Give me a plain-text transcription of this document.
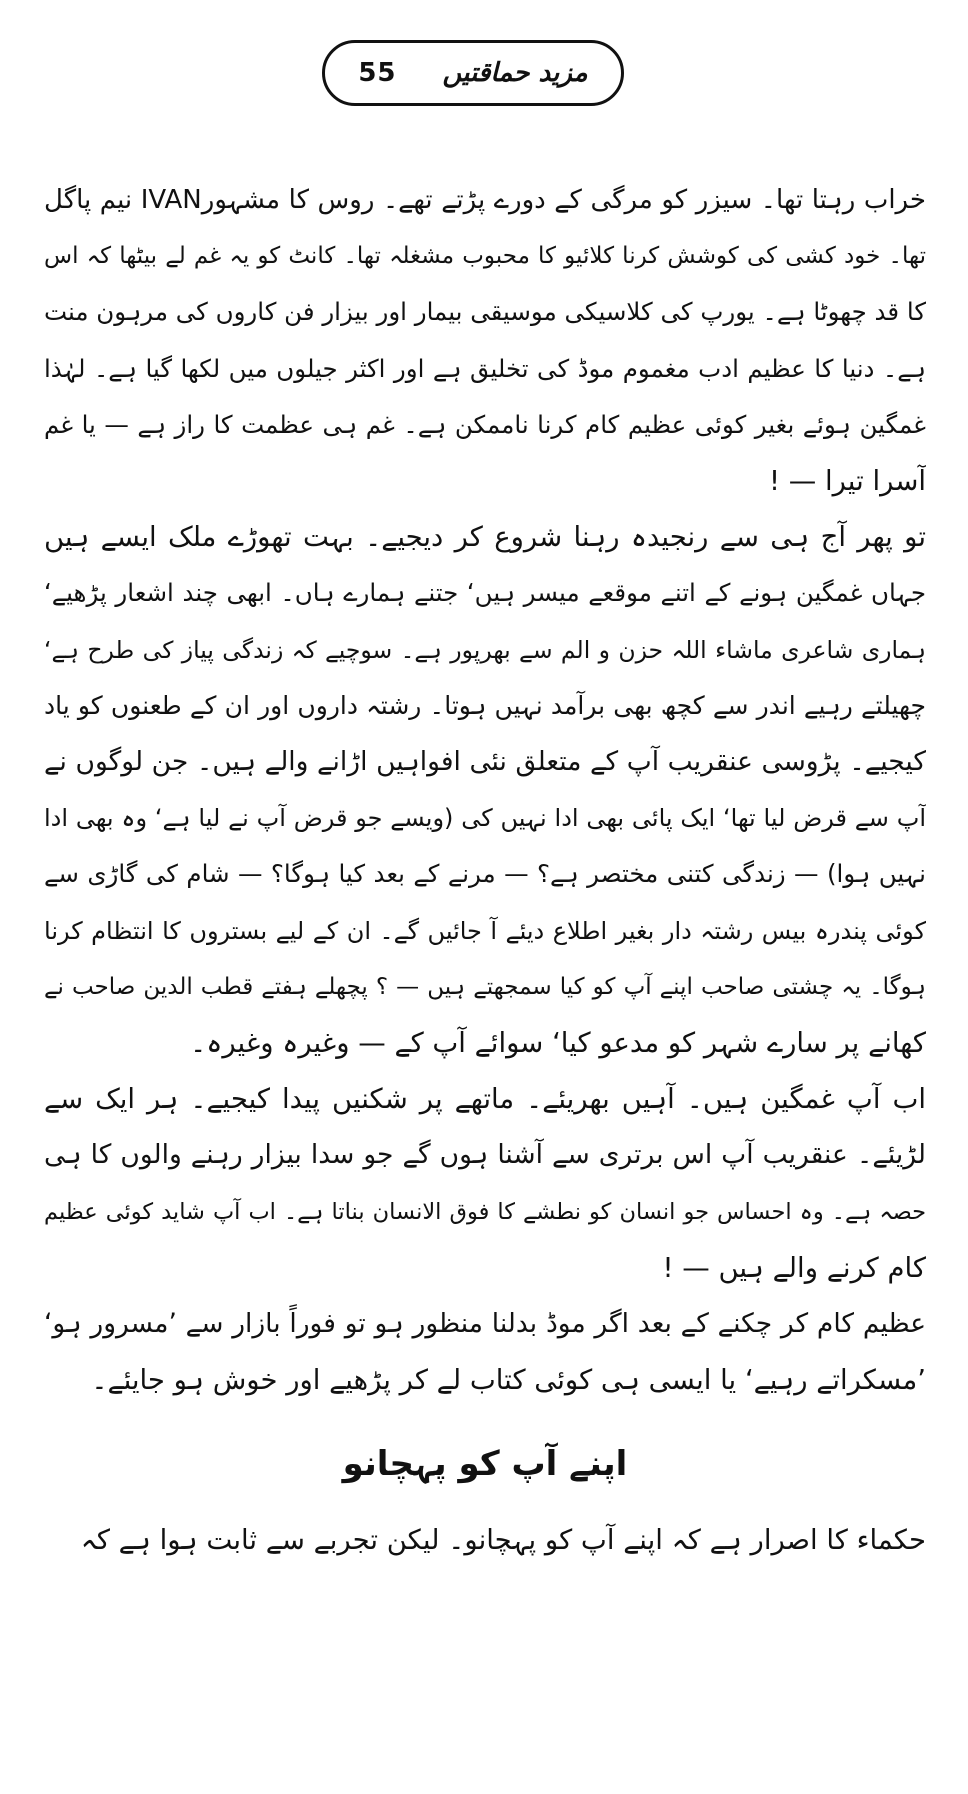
55 مزید حماقتیں

خراب رہتا تھا۔ سیزر کو مرگی کے دورے پڑتے تھے۔ روس کا مشہورIVAN نیم پاگل
تھا۔ خود کشی کی کوشش کرنا کلائیو کا محبوب مشغلہ تھا۔ کانٹ کو یہ غم لے بیٹھا کہ اس
کا قد چھوٹا ہے۔ یورپ کی کلاسیکی موسیقی بیمار اور بیزار فن کاروں کی مرہون منت
ہے۔ دنیا کا عظیم ادب مغموم موڈ کی تخلیق ہے اور اکثر جیلوں میں لکھا گیا ہے۔ لہٰذا
غمگین ہوئے بغیر کوئی عظیم کام کرنا ناممکن ہے۔ غم ہی عظمت کا راز ہے — یا غم
آسرا تیرا — !

تو پھر آج ہی سے رنجیدہ رہنا شروع کر دیجیے۔ بہت تھوڑے ملک ایسے ہیں
جہاں غمگین ہونے کے اتنے موقعے میسر ہیں‘ جتنے ہمارے ہاں۔ ابھی چند اشعار پڑھیے‘
ہماری شاعری ماشاء اللہ حزن و الم سے بھرپور ہے۔ سوچیے کہ زندگی پیاز کی طرح ہے‘
چھیلتے رہیے اندر سے کچھ بھی برآمد نہیں ہوتا۔ رشتہ داروں اور ان کے طعنوں کو یاد
کیجیے۔ پڑوسی عنقریب آپ کے متعلق نئی افواہیں اڑانے والے ہیں۔ جن لوگوں نے
آپ سے قرض لیا تھا‘ ایک پائی بھی ادا نہیں کی (ویسے جو قرض آپ نے لیا ہے‘ وہ بھی ادا
نہیں ہوا) — زندگی کتنی مختصر ہے؟ — مرنے کے بعد کیا ہوگا؟ — شام کی گاڑی سے
کوئی پندرہ بیس رشتہ دار بغیر اطلاع دیئے آ جائیں گے۔ ان کے لیے بستروں کا انتظام کرنا
ہوگا۔ یہ چشتی صاحب اپنے آپ کو کیا سمجھتے ہیں — ؟ پچھلے ہفتے قطب الدین صاحب نے
کھانے پر سارے شہر کو مدعو کیا‘ سوائے آپ کے — وغیرہ وغیرہ۔

اب آپ غمگین ہیں۔ آہیں بھریئے۔ ماتھے پر شکنیں پیدا کیجیے۔ ہر ایک سے
لڑیئے۔ عنقریب آپ اس برتری سے آشنا ہوں گے جو سدا بیزار رہنے والوں کا ہی
حصہ ہے۔ وہ احساس جو انسان کو نطشے کا فوق الانسان بناتا ہے۔ اب آپ شاید کوئی عظیم
کام کرنے والے ہیں — !

عظیم کام کر چکنے کے بعد اگر موڈ بدلنا منظور ہو تو فوراً بازار سے ’مسرور ہو‘
’مسکراتے رہیے‘ یا ایسی ہی کوئی کتاب لے کر پڑھیے اور خوش ہو جایئے۔

اپنے آپ کو پہچانو

حکماء کا اصرار ہے کہ اپنے آپ کو پہچانو۔ لیکن تجربے سے ثابت ہوا ہے کہ
